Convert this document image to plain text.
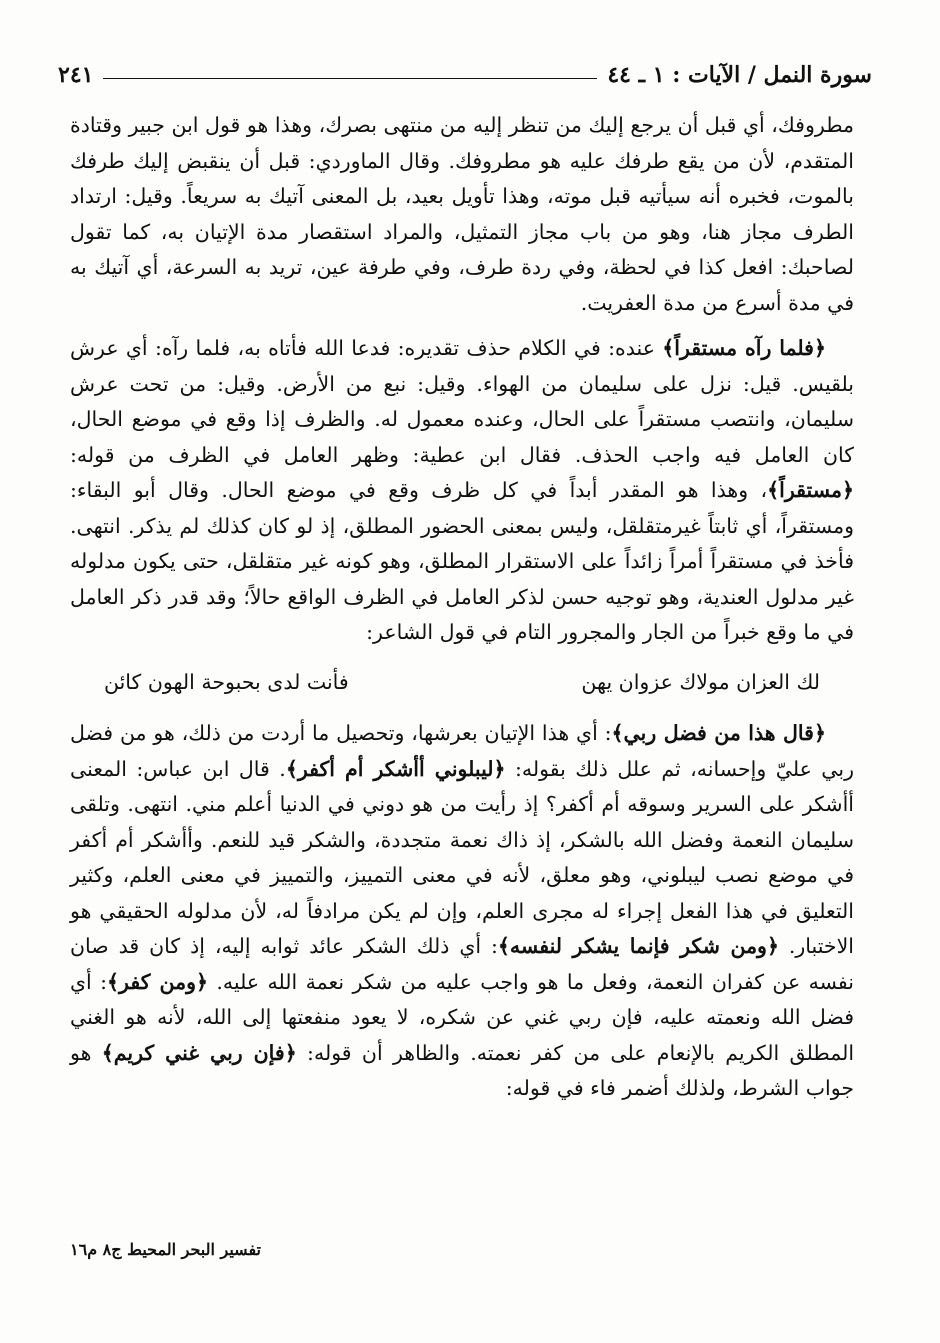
سورة النمل / الآيات : ١ ـ ٤٤
٢٤١

مطروفك، أي قبل أن يرجع إليك من تنظر إليه من منتهى بصرك، وهذا هو قول ابن جبير وقتادة المتقدم، لأن من يقع طرفك عليه هو مطروفك. وقال الماوردي: قبل أن ينقبض إليك طرفك بالموت، فخبره أنه سيأتيه قبل موته، وهذا تأويل بعيد، بل المعنى آتيك به سريعاً. وقيل: ارتداد الطرف مجاز هنا، وهو من باب مجاز التمثيل، والمراد استقصار مدة الإتيان به، كما تقول لصاحبك: افعل كذا في لحظة، وفي ردة طرف، وفي طرفة عين، تريد به السرعة، أي آتيك به في مدة أسرع من مدة العفريت.

﴿فلما رآه مستقراً﴾ عنده: في الكلام حذف تقديره: فدعا الله فأتاه به، فلما رآه: أي عرش بلقيس. قيل: نزل على سليمان من الهواء. وقيل: نبع من الأرض. وقيل: من تحت عرش سليمان، وانتصب مستقراً على الحال، وعنده معمول له. والظرف إذا وقع في موضع الحال، كان العامل فيه واجب الحذف. فقال ابن عطية: وظهر العامل في الظرف من قوله: ﴿مستقراً﴾، وهذا هو المقدر أبداً في كل ظرف وقع في موضع الحال. وقال أبو البقاء: ومستقراً، أي ثابتاً غيرمتقلقل، وليس بمعنى الحضور المطلق، إذ لو كان كذلك لم يذكر. انتهى. فأخذ في مستقراً أمراً زائداً على الاستقرار المطلق، وهو كونه غير متقلقل، حتى يكون مدلوله غير مدلول العندية، وهو توجيه حسن لذكر العامل في الظرف الواقع حالاً؛ وقد قدر ذكر العامل في ما وقع خبراً من الجار والمجرور التام في قول الشاعر:

لك العزان مولاك عزوان يهن
فأنت لدى بحبوحة الهون كائن

﴿قال هذا من فضل ربي﴾: أي هذا الإتيان بعرشها، وتحصيل ما أردت من ذلك، هو من فضل ربي عليّ وإحسانه، ثم علل ذلك بقوله: ﴿ليبلوني أأشكر أم أكفر﴾. قال ابن عباس: المعنى أأشكر على السرير وسوقه أم أكفر؟ إذ رأيت من هو دوني في الدنيا أعلم مني. انتهى. وتلقى سليمان النعمة وفضل الله بالشكر، إذ ذاك نعمة متجددة، والشكر قيد للنعم. وأأشكر أم أكفر في موضع نصب ليبلوني، وهو معلق، لأنه في معنى التمييز، والتمييز في معنى العلم، وكثير التعليق في هذا الفعل إجراء له مجرى العلم، وإن لم يكن مرادفاً له، لأن مدلوله الحقيقي هو الاختبار. ﴿ومن شكر فإنما يشكر لنفسه﴾: أي ذلك الشكر عائد ثوابه إليه، إذ كان قد صان نفسه عن كفران النعمة، وفعل ما هو واجب عليه من شكر نعمة الله عليه. ﴿ومن كفر﴾: أي فضل الله ونعمته عليه، فإن ربي غني عن شكره، لا يعود منفعتها إلى الله، لأنه هو الغني المطلق الكريم بالإنعام على من كفر نعمته. والظاهر أن قوله: ﴿فإن ربي غني كريم﴾ هو جواب الشرط، ولذلك أضمر فاء في قوله:

تفسير البحر المحيط ج٨ م١٦
